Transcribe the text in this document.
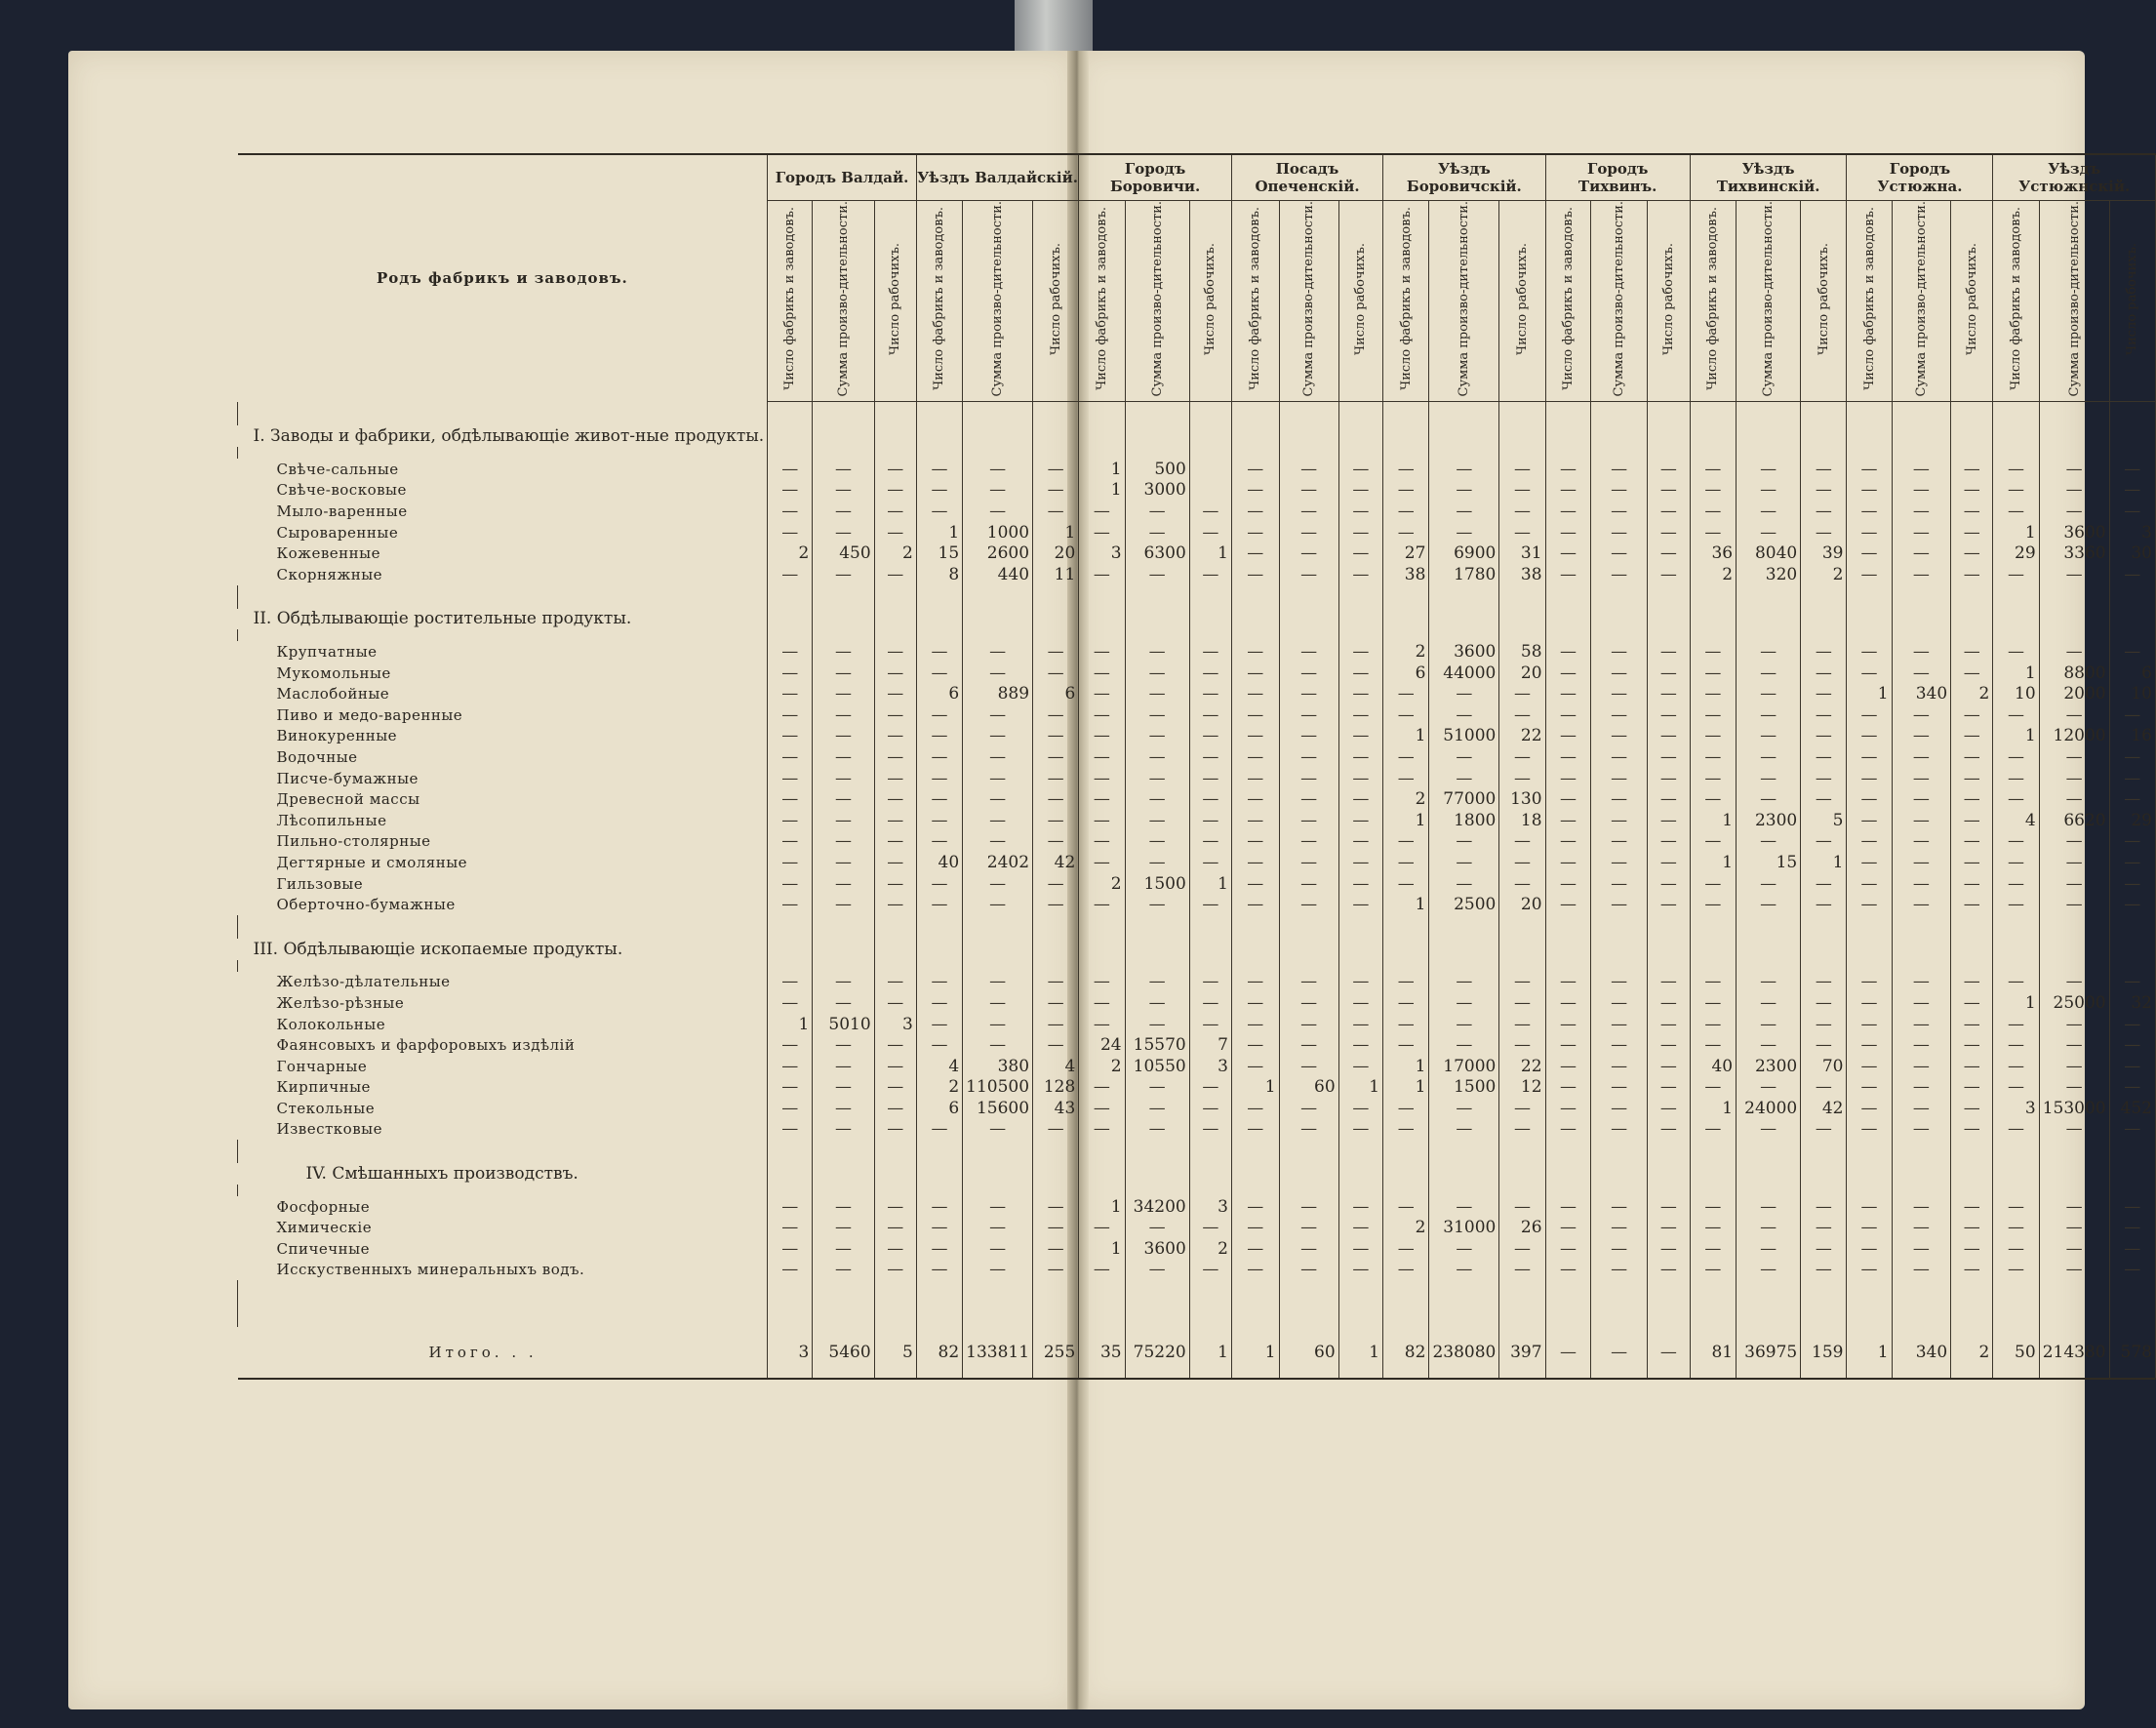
Родъ фабрикъ и заводовъ.	Городъ Валдай.			Уѣздъ Валдайскій.			Городъ Боровичи.			Посадъ Опеченскій.			Уѣздъ Боровичскій.			Городъ Тихвинъ.			Уѣздъ Тихвинскій.			Городъ Устюжна.			Уѣздъ Устюжнскій.		
	Число фабрикъ и заводовъ.	Сумма произво-дительности.	Число рабочихъ.	Число фабрикъ и заводовъ.	Сумма произво-дительности.	Число рабочихъ.	Число фабрикъ и заводовъ.	Сумма произво-дительности.	Число рабочихъ.	Число фабрикъ и заводовъ.	Сумма произво-дительности.	Число рабочихъ.	Число фабрикъ и заводовъ.	Сумма произво-дительности.	Число рабочихъ.	Число фабрикъ и заводовъ.	Сумма произво-дительности.	Число рабочихъ.	Число фабрикъ и заводовъ.	Сумма произво-дительности.	Число рабочихъ.	Число фабрикъ и заводовъ.	Сумма произво-дительности.	Число рабочихъ.	Число фабрикъ и заводовъ.	Сумма произво-дительности.	Число рабочихъ.

I. Заводы и фабрики, обдѣлывающіе живот-ные продукты.																											

Свѣче-сальные	—	—	—	—	—	—	1	500		—	—	—	—	—	—	—	—	—	—	—	—	—	—	—	—	—	—
Свѣче-восковые	—	—	—	—	—	—	1	3000		—	—	—	—	—	—	—	—	—	—	—	—	—	—	—	—	—	—
Мыло-варенные	—	—	—	—	—	—	—	—	—	—	—	—	—	—	—	—	—	—	—	—	—	—	—	—	—	—	—
Сыроваренные	—	—	—	1	1000	1	—	—	—	—	—	—	—	—	—	—	—	—	—	—	—	—	—	—	1	3600	3
Кожевенные	2	450	2	15	2600	20	3	6300	1	—	—	—	27	6900	31	—	—	—	36	8040	39	—	—	—	29	3360	30
Скорняжные	—	—	—	8	440	11	—	—	—	—	—	—	38	1780	38	—	—	—	2	320	2	—	—	—	—	—	—

II. Обдѣлывающіе ростительные продукты.																											

Крупчатные	—	—	—	—	—	—	—	—	—	—	—	—	2	3600	58	—	—	—	—	—	—	—	—	—	—	—	—
Мукомольные	—	—	—	—	—	—	—	—	—	—	—	—	6	44000	20	—	—	—	—	—	—	—	—	—	1	8800	6
Маслобойные	—	—	—	6	889	6	—	—	—	—	—	—	—	—	—	—	—	—	—	—	—	1	340	2	10	2000	10
Пиво и медо-варенные	—	—	—	—	—	—	—	—	—	—	—	—	—	—	—	—	—	—	—	—	—	—	—	—	—	—	—
Винокуренные	—	—	—	—	—	—	—	—	—	—	—	—	1	51000	22	—	—	—	—	—	—	—	—	—	1	12000	16
Водочные	—	—	—	—	—	—	—	—	—	—	—	—	—	—	—	—	—	—	—	—	—	—	—	—	—	—	—
Писче-бумажные	—	—	—	—	—	—	—	—	—	—	—	—	—	—	—	—	—	—	—	—	—	—	—	—	—	—	—
Древесной массы	—	—	—	—	—	—	—	—	—	—	—	—	2	77000	130	—	—	—	—	—	—	—	—	—	—	—	—
Лѣсопильные	—	—	—	—	—	—	—	—	—	—	—	—	1	1800	18	—	—	—	1	2300	5	—	—	—	4	6620	29
Пильно-столярные	—	—	—	—	—	—	—	—	—	—	—	—	—	—	—	—	—	—	—	—	—	—	—	—	—	—	—
Дегтярные и смоляные	—	—	—	40	2402	42	—	—	—	—	—	—	—	—	—	—	—	—	1	15	1	—	—	—	—	—	—
Гильзовые	—	—	—	—	—	—	2	1500	1	—	—	—	—	—	—	—	—	—	—	—	—	—	—	—	—	—	—
Оберточно-бумажные	—	—	—	—	—	—	—	—	—	—	—	—	1	2500	20	—	—	—	—	—	—	—	—	—	—	—	—

III. Обдѣлывающіе ископаемые продукты.																											

Желѣзо-дѣлательные	—	—	—	—	—	—	—	—	—	—	—	—	—	—	—	—	—	—	—	—	—	—	—	—	—	—	—
Желѣзо-рѣзные	—	—	—	—	—	—	—	—	—	—	—	—	—	—	—	—	—	—	—	—	—	—	—	—	1	25000	32
Колокольные	1	5010	3	—	—	—	—	—	—	—	—	—	—	—	—	—	—	—	—	—	—	—	—	—	—	—	—
Фаянсовыхъ и фарфоровыхъ издѣлій	—	—	—	—	—	—	24	15570	7	—	—	—	—	—	—	—	—	—	—	—	—	—	—	—	—	—	—
Гончарные	—	—	—	4	380	4	2	10550	3	—	—	—	1	17000	22	—	—	—	40	2300	70	—	—	—	—	—	—
Кирпичные	—	—	—	2	110500	128	—	—	—	1	60	1	1	1500	12	—	—	—	—	—	—	—	—	—	—	—	—
Стекольные	—	—	—	6	15600	43	—	—	—	—	—	—	—	—	—	—	—	—	1	24000	42	—	—	—	3	153000	452
Известковые	—	—	—	—	—	—	—	—	—	—	—	—	—	—	—	—	—	—	—	—	—	—	—	—	—	—	—

IV. Смѣшанныхъ производствъ.																											

Фосфорные	—	—	—	—	—	—	1	34200	3	—	—	—	—	—	—	—	—	—	—	—	—	—	—	—	—	—	—
Химическіе	—	—	—	—	—	—	—	—	—	—	—	—	2	31000	26	—	—	—	—	—	—	—	—	—	—	—	—
Спичечные	—	—	—	—	—	—	1	3600	2	—	—	—	—	—	—	—	—	—	—	—	—	—	—	—	—	—	—
Исскуственныхъ минеральныхъ водъ.	—	—	—	—	—	—	—	—	—	—	—	—	—	—	—	—	—	—	—	—	—	—	—	—	—	—	—

Итого. . .	3	5460	5	82	133811	255	35	75220	1	1	60	1	82	238080	397	—	—	—	81	36975	159	1	340	2	50	214380	578
